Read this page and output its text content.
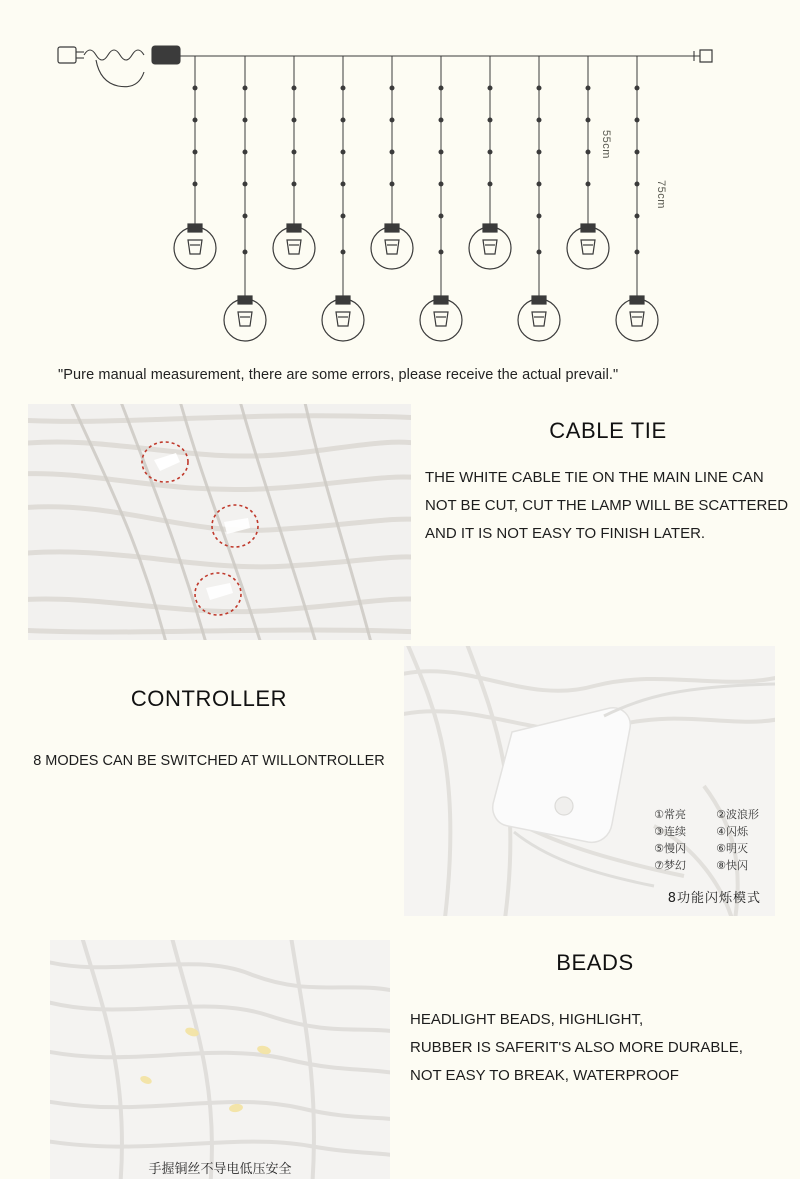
55cm
75cm

"Pure manual measurement, there are some errors, please receive the actual prevail."

CABLE TIE
THE WHITE CABLE TIE ON THE MAIN LINE CAN NOT BE CUT, CUT THE LAMP WILL BE SCATTERED AND IT IS NOT EASY TO FINISH LATER.
①常亮	②波浪形
③连续	④闪烁
⑤慢闪	⑥明灭
⑦梦幻	⑧快闪
8功能闪烁模式
CONTROLLER
8 MODES CAN BE SWITCHED AT WILLONTROLLER
手握铜丝不导电低压安全
BEADS
HEADLIGHT BEADS, HIGHLIGHT,
RUBBER IS SAFERIT'S ALSO MORE DURABLE,
NOT EASY TO BREAK, WATERPROOF
